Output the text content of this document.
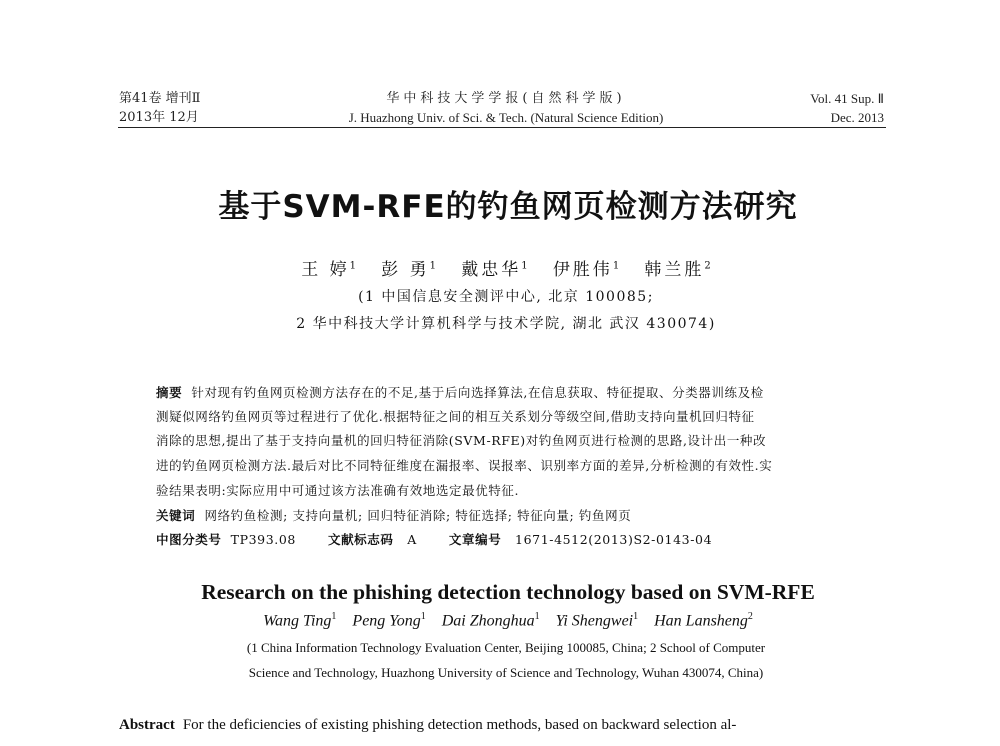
第41卷 增刊Ⅱ
2013年 12月
华中科技大学学报(自然科学版)
J. Huazhong Univ. of Sci. & Tech. (Natural Science Edition)
Vol. 41 Sup. Ⅱ
Dec. 2013
基于SVM-RFE的钓鱼网页检测方法研究
王 婷$^1$ 彭 勇$^1$ 戴忠华$^1$ 伊胜伟$^1$ 韩兰胜$^2$
(1 中国信息安全测评中心, 北京 100085;
2 华中科技大学计算机科学与技术学院, 湖北 武汉 430074)
摘要 针对现有钓鱼网页检测方法存在的不足,基于后向选择算法,在信息获取、特征提取、分类器训练及检
测疑似网络钓鱼网页等过程进行了优化.根据特征之间的相互关系划分等级空间,借助支持向量机回归特征
消除的思想,提出了基于支持向量机的回归特征消除(SVM-RFE)对钓鱼网页进行检测的思路,设计出一种改
进的钓鱼网页检测方法.最后对比不同特征维度在漏报率、误报率、识别率方面的差异,分析检测的有效性.实
验结果表明:实际应用中可通过该方法准确有效地选定最优特征.
关键词 网络钓鱼检测; 支持向量机; 回归特征消除; 特征选择; 特征向量; 钓鱼网页
中图分类号 TP393.08	文献标志码 A	文章编号 1671-4512(2013)S2-0143-04
Research on the phishing detection technology based on SVM-RFE
Wang Ting$^1$ Peng Yong$^1$ Dai Zhonghua$^1$ Yi Shengwei$^1$ Han Lansheng$^2$
(1 China Information Technology Evaluation Center, Beijing 100085, China; 2 School of Computer
Science and Technology, Huazhong University of Science and Technology, Wuhan 430074, China)
Abstract For the deficiencies of existing phishing detection methods, based on backward selection al-
